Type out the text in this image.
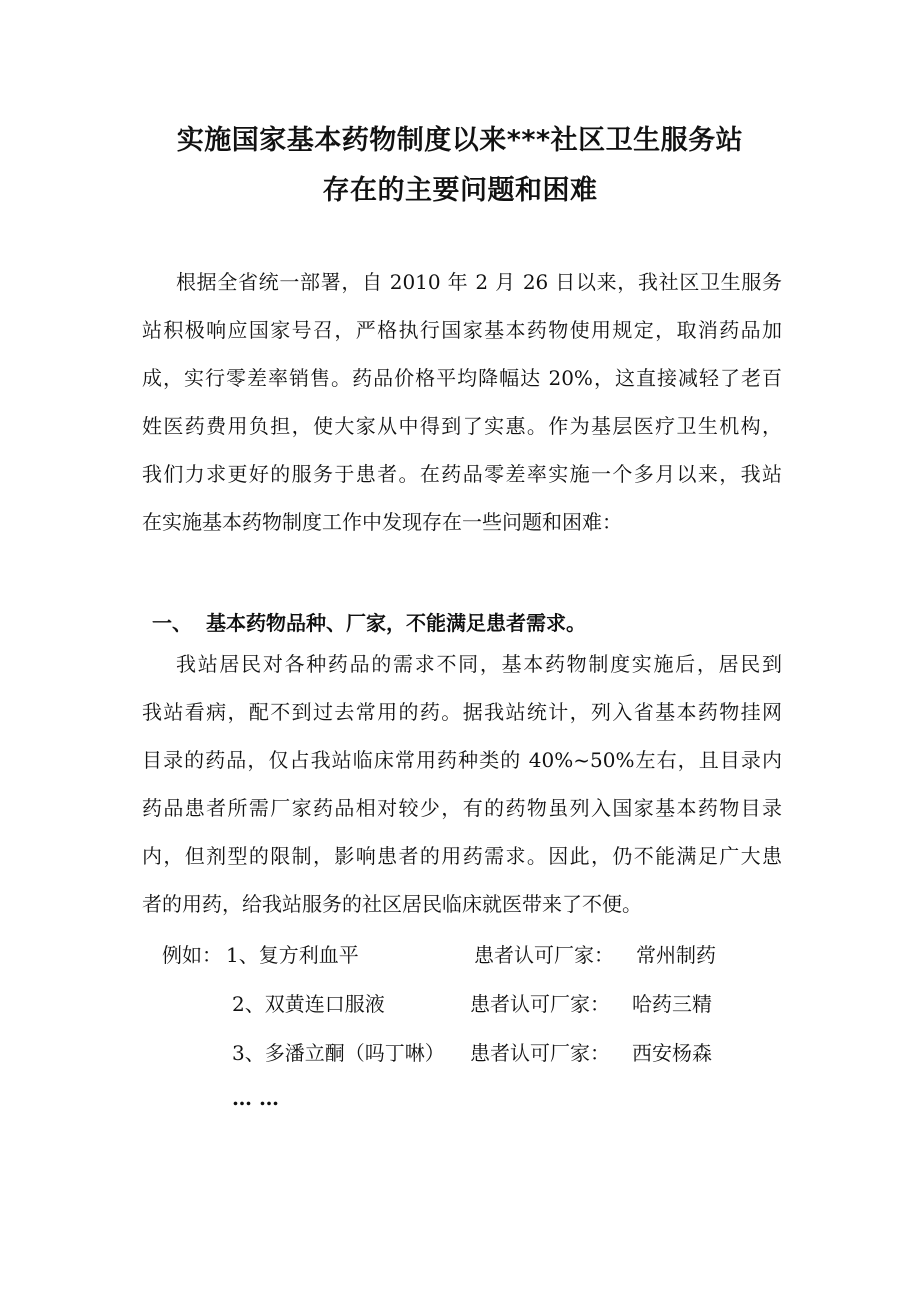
实施国家基本药物制度以来***社区卫生服务站
存在的主要问题和困难
根据全省统一部署，自 2010 年 2 月 26 日以来，我社区卫生服务
站积极响应国家号召，严格执行国家基本药物使用规定，取消药品加
成，实行零差率销售。药品价格平均降幅达 20%，这直接减轻了老百
姓医药费用负担，使大家从中得到了实惠。作为基层医疗卫生机构，
我们力求更好的服务于患者。在药品零差率实施一个多月以来，我站
在实施基本药物制度工作中发现存在一些问题和困难：
一、 基本药物品种、厂家，不能满足患者需求。
我站居民对各种药品的需求不同，基本药物制度实施后，居民到
我站看病，配不到过去常用的药。据我站统计，列入省基本药物挂网
目录的药品，仅占我站临床常用药种类的 40%~50%左右，且目录内
药品患者所需厂家药品相对较少，有的药物虽列入国家基本药物目录
内，但剂型的限制，影响患者的用药需求。因此，仍不能满足广大患
者的用药，给我站服务的社区居民临床就医带来了不便。
例如： 1、复方利血平	患者认可厂家： 常州制药
2、双黄连口服液	患者认可厂家： 哈药三精
3、多潘立酮（吗丁啉） 患者认可厂家： 西安杨森
… …
